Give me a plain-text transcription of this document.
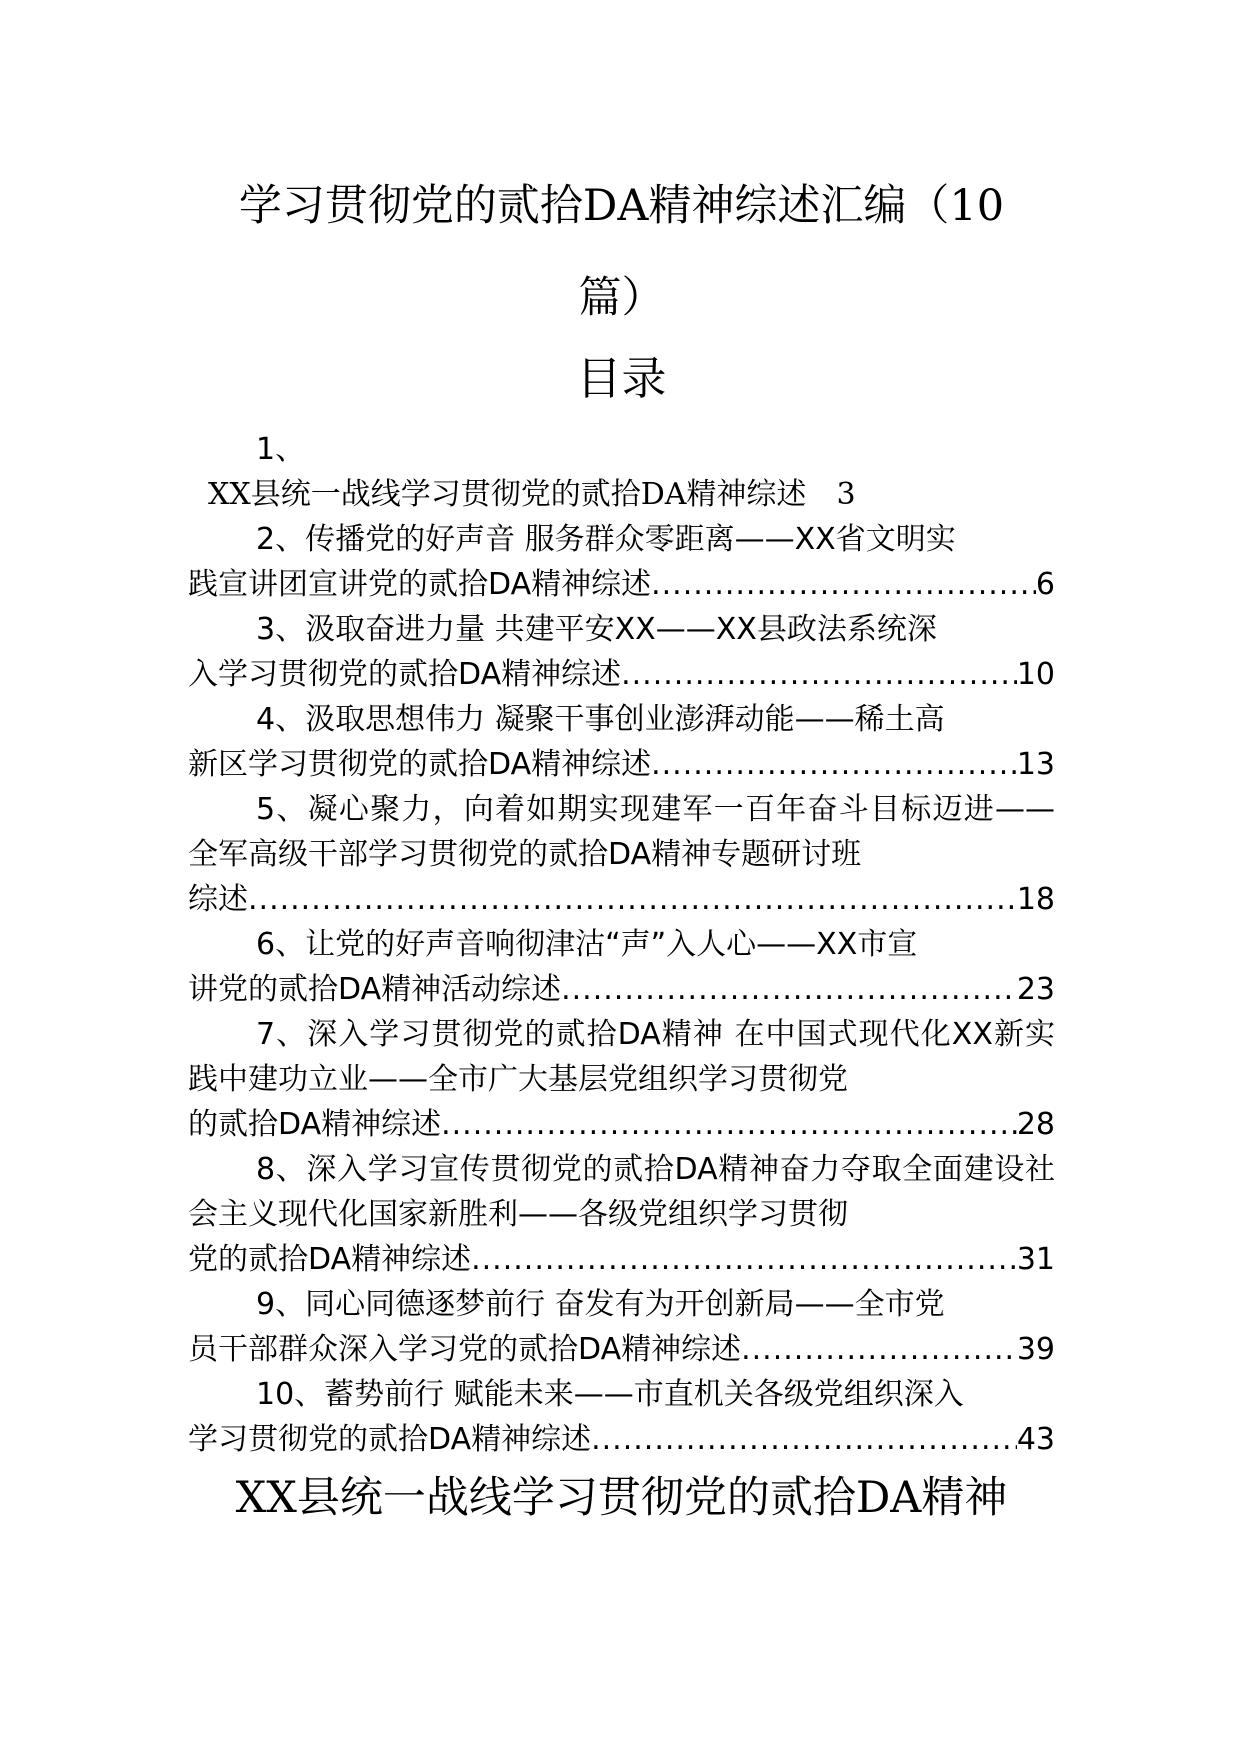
学习贯彻党的贰拾DA精神综述汇编（10
篇）
目录
1、
XX县统一战线学习贯彻党的贰拾DA精神综述 3
2、传播党的好声音 服务群众零距离——XX省文明实
践宣讲团宣讲党的贰拾DA精神综述 .....	6
3、汲取奋进力量 共建平安XX——XX县政法系统深
入学习贯彻党的贰拾DA精神综述 .....	10
4、汲取思想伟力 凝聚干事创业澎湃动能——稀土高
新区学习贯彻党的贰拾DA精神综述 .....	13
5、凝心聚力，向着如期实现建军一百年奋斗目标迈进——全军高级干部学习贯彻党的贰拾DA精神专题研讨班
综述 .....	18
6、让党的好声音响彻津沽“声”入人心——XX市宣
讲党的贰拾DA精神活动综述 .....	23
7、深入学习贯彻党的贰拾DA精神 在中国式现代化XX新实践中建功立业——全市广大基层党组织学习贯彻党
的贰拾DA精神综述 .....	28
8、深入学习宣传贯彻党的贰拾DA精神奋力夺取全面建设社会主义现代化国家新胜利——各级党组织学习贯彻
党的贰拾DA精神综述 .....	31
9、同心同德逐梦前行 奋发有为开创新局——全市党
员干部群众深入学习党的贰拾DA精神综述 .....	39
10、蓄势前行 赋能未来——市直机关各级党组织深入
学习贯彻党的贰拾DA精神综述 .....	43
XX县统一战线学习贯彻党的贰拾DA精神
